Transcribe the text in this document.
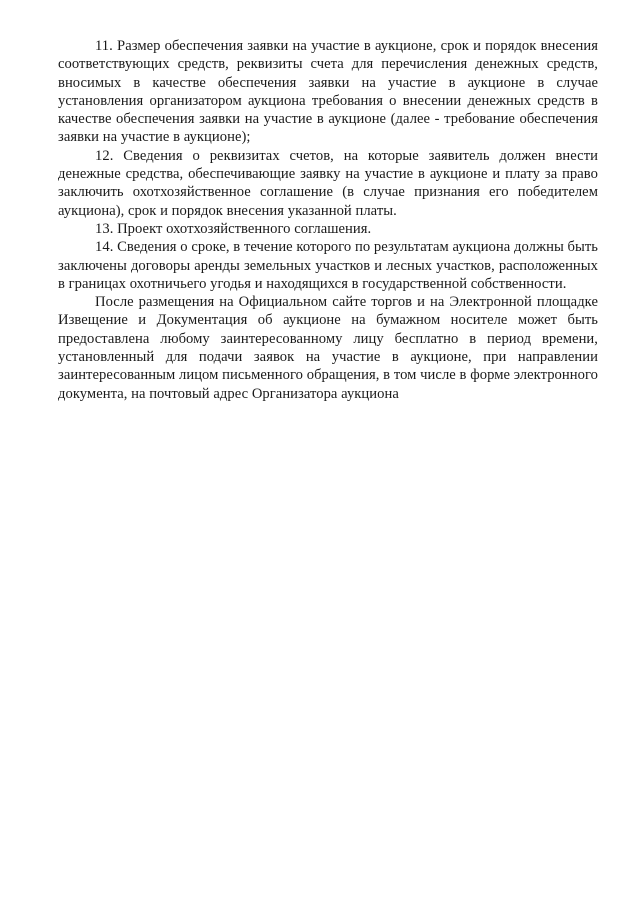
11. Размер обеспечения заявки на участие в аукционе, срок и порядок внесения соответствующих средств, реквизиты счета для перечисления денежных средств, вносимых в качестве обеспечения заявки на участие в аукционе в случае установления организатором аукциона требования о внесении денежных средств в качестве обеспечения заявки на участие в аукционе (далее - требование обеспечения заявки на участие в аукционе);

12. Сведения о реквизитах счетов, на которые заявитель должен внести денежные средства, обеспечивающие заявку на участие в аукционе и плату за право заключить охотхозяйственное соглашение (в случае признания его победителем аукциона), срок и порядок внесения указанной платы.

13. Проект охотхозяйственного соглашения.

14. Сведения о сроке, в течение которого по результатам аукциона должны быть заключены договоры аренды земельных участков и лесных участков, расположенных в границах охотничьего угодья и находящихся в государственной собственности.

После размещения на Официальном сайте торгов и на Электронной площадке Извещение и Документация об аукционе на бумажном носителе может быть предоставлена любому заинтересованному лицу бесплатно в период времени, установленный для подачи заявок на участие в аукционе, при направлении заинтересованным лицом письменного обращения, в том числе в форме электронного документа, на почтовый адрес Организатора аукциона
